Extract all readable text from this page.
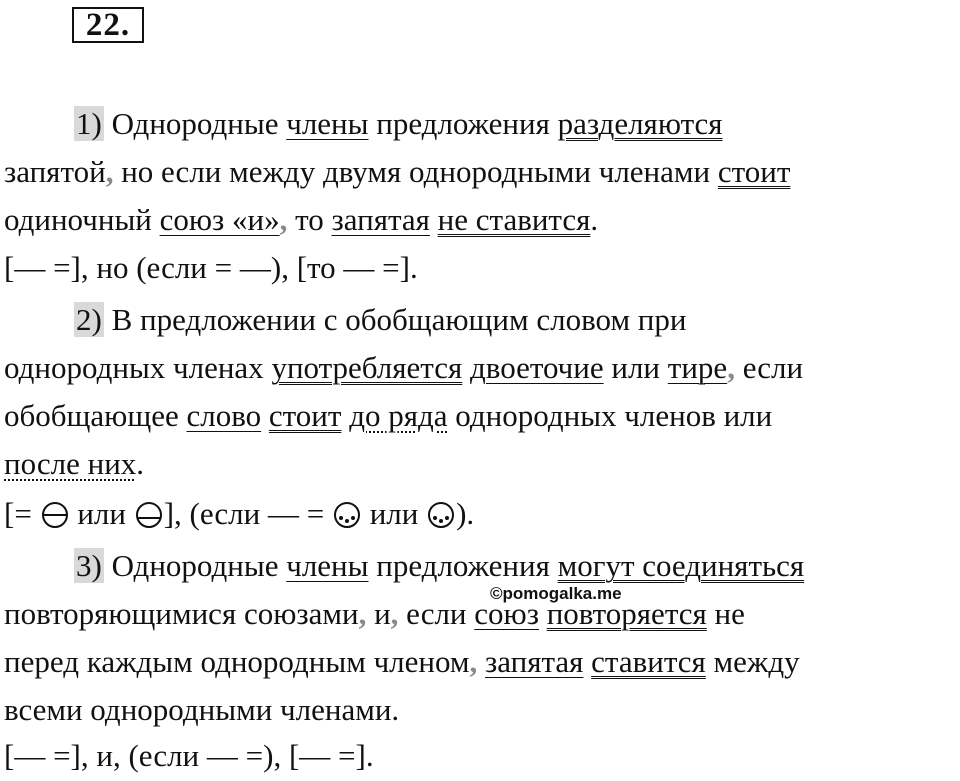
22.
1) Однородные члены предложения разделяются
запятой, но если между двумя однородными членами стоит
одиночный союз «и», то запятая не ставится.
[— =], но (если = —), [то — =].
2) В предложении с обобщающим словом при
однородных членах употребляется двоеточие или тире, если
обобщающее слово стоит до ряда однородных членов или
после них.
[=  или ], (если — =  или ).
3) Однородные члены предложения могут соединяться
повторяющимися союзами, и, если союз повторяется не
перед каждым однородным членом, запятая ставится между
всеми однородными членами.
[— =], и, (если — =), [— =].
©pomogalka.me
